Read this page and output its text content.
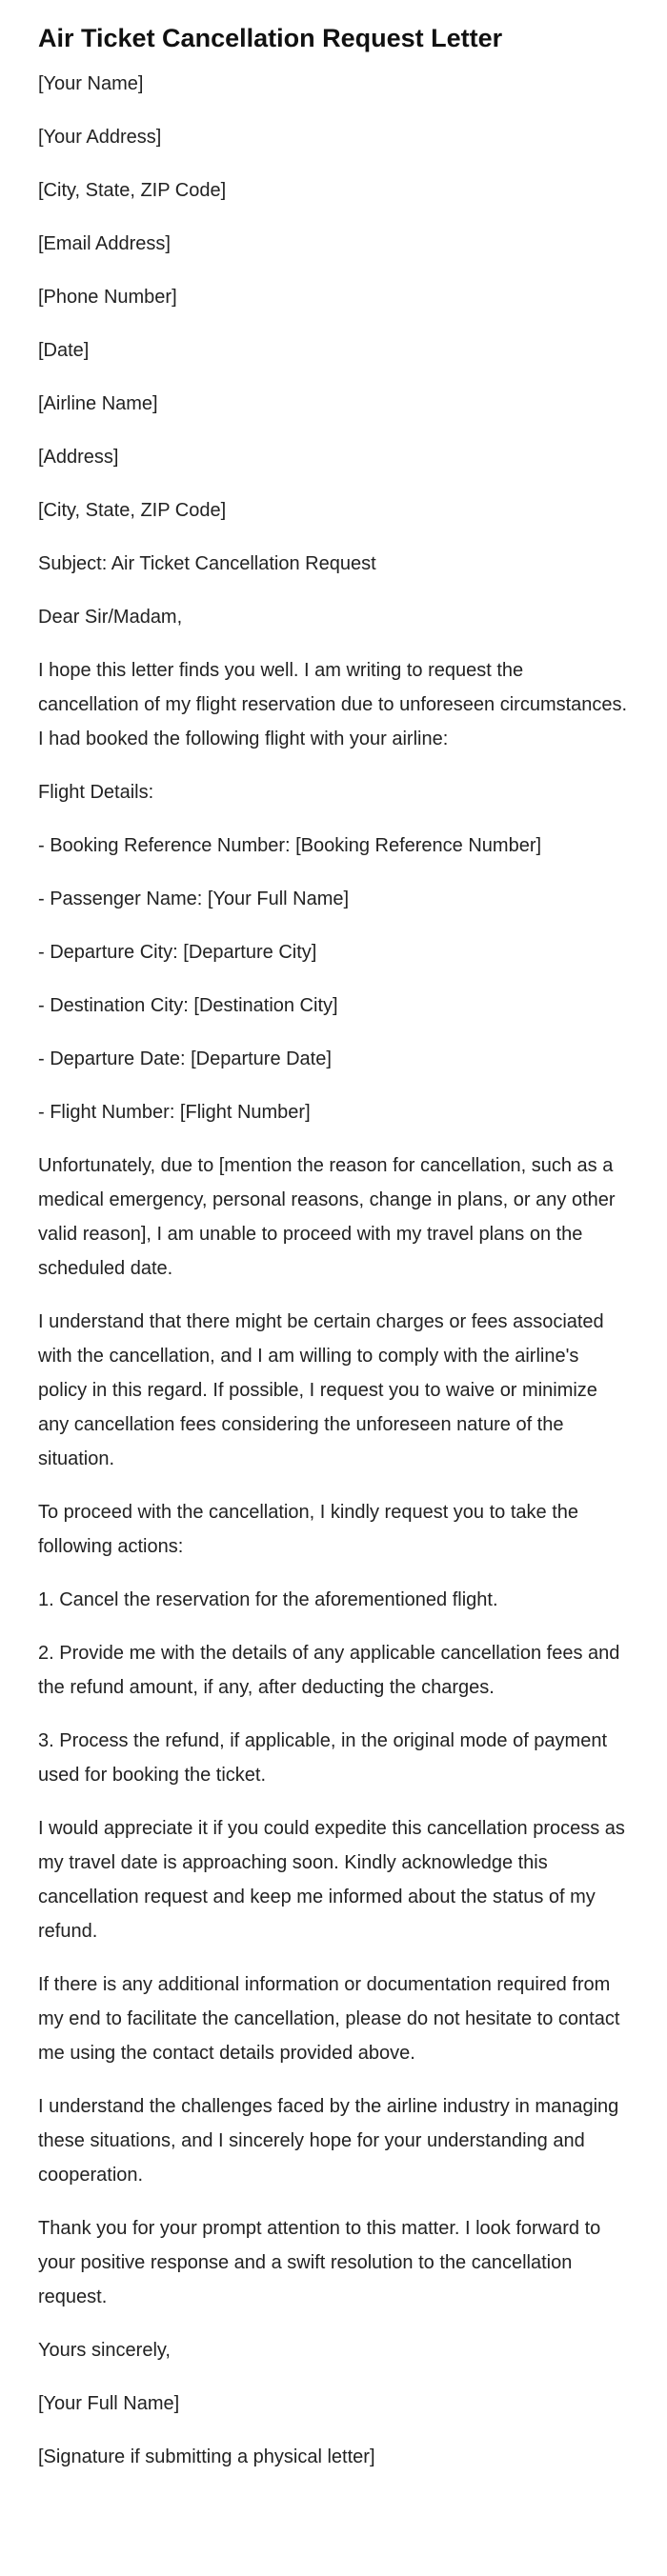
Air Ticket Cancellation Request Letter

[Your Name]

[Your Address]

[City, State, ZIP Code]

[Email Address]

[Phone Number]

[Date]

[Airline Name]

[Address]

[City, State, ZIP Code]

Subject: Air Ticket Cancellation Request

Dear Sir/Madam,

I hope this letter finds you well. I am writing to request the cancellation of my flight reservation due to unforeseen circumstances. I had booked the following flight with your airline:

Flight Details:

- Booking Reference Number: [Booking Reference Number]

- Passenger Name: [Your Full Name]

- Departure City: [Departure City]

- Destination City: [Destination City]

- Departure Date: [Departure Date]

- Flight Number: [Flight Number]

Unfortunately, due to [mention the reason for cancellation, such as a medical emergency, personal reasons, change in plans, or any other valid reason], I am unable to proceed with my travel plans on the scheduled date.

I understand that there might be certain charges or fees associated with the cancellation, and I am willing to comply with the airline's policy in this regard. If possible, I request you to waive or minimize any cancellation fees considering the unforeseen nature of the situation.

To proceed with the cancellation, I kindly request you to take the following actions:

1. Cancel the reservation for the aforementioned flight.

2. Provide me with the details of any applicable cancellation fees and the refund amount, if any, after deducting the charges.

3. Process the refund, if applicable, in the original mode of payment used for booking the ticket.

I would appreciate it if you could expedite this cancellation process as my travel date is approaching soon. Kindly acknowledge this cancellation request and keep me informed about the status of my refund.

If there is any additional information or documentation required from my end to facilitate the cancellation, please do not hesitate to contact me using the contact details provided above.

I understand the challenges faced by the airline industry in managing these situations, and I sincerely hope for your understanding and cooperation.

Thank you for your prompt attention to this matter. I look forward to your positive response and a swift resolution to the cancellation request.

Yours sincerely,

[Your Full Name]

[Signature if submitting a physical letter]
